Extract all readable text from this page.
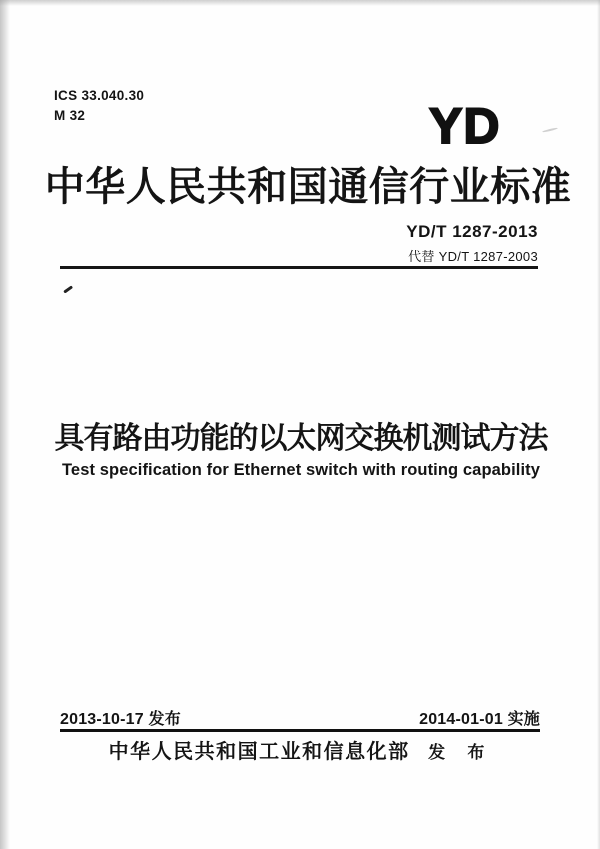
ICS 33.040.30
M 32	YD
中华人民共和国通信行业标准
YD/T 1287-2013
代替 YD/T 1287-2003
具有路由功能的以太网交换机测试方法
Test specification for Ethernet switch with routing capability
2013-10-17 发布	2014-01-01 实施
中华人民共和国工业和信息化部 发 布
